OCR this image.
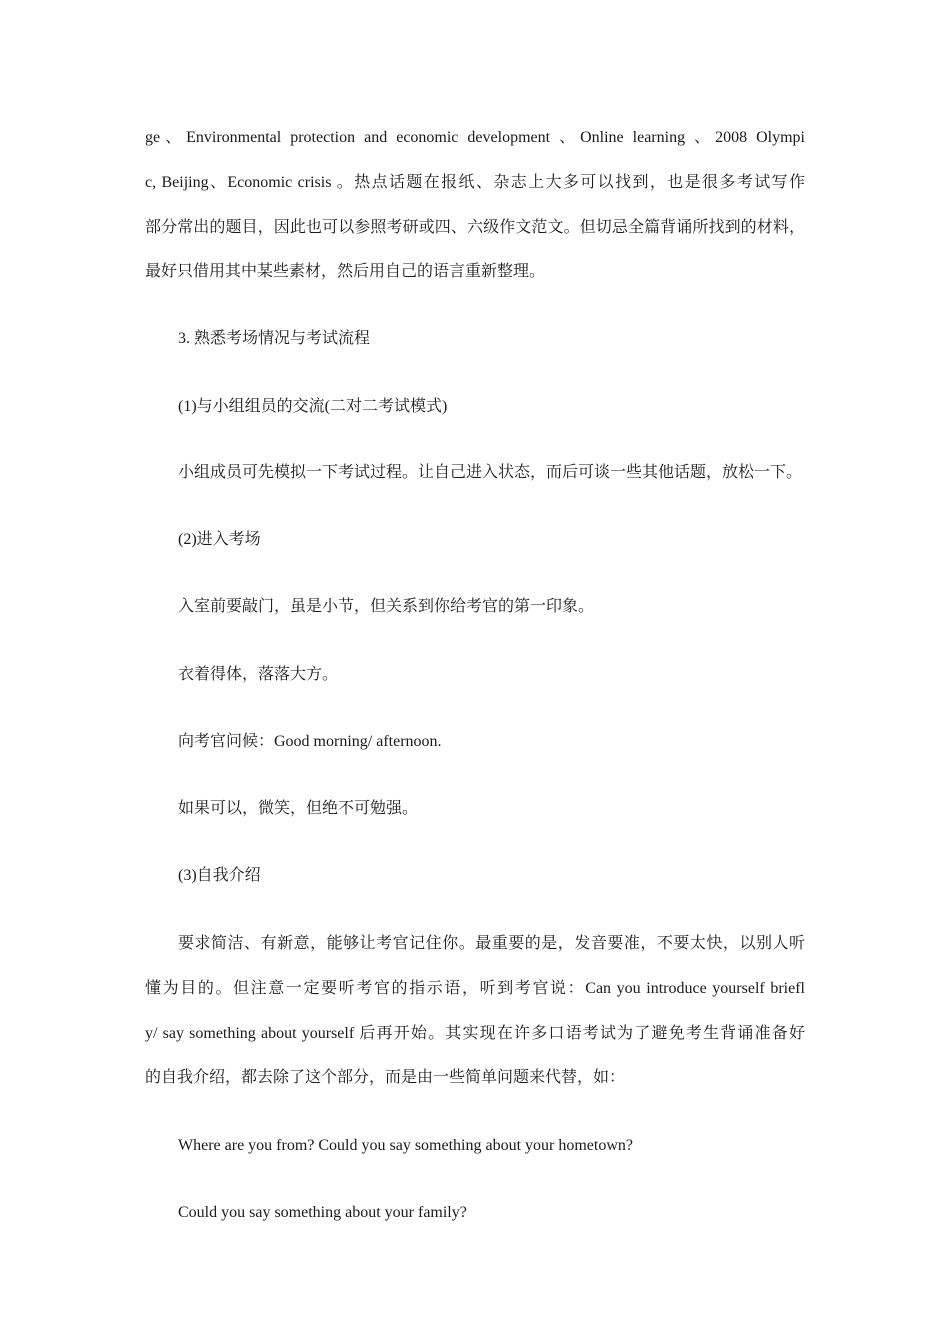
ge、Environmental protection and economic development 、Online learning 、2008 Olympi
c, Beijing、Economic crisis 。热点话题在报纸、杂志上大多可以找到，也是很多考试写作
部分常出的题目，因此也可以参照考研或四、六级作文范文。但切忌全篇背诵所找到的材料，
最好只借用其中某些素材，然后用自己的语言重新整理。
3. 熟悉考场情况与考试流程
(1)与小组组员的交流(二对二考试模式)
小组成员可先模拟一下考试过程。让自己进入状态，而后可谈一些其他话题，放松一下。
(2)进入考场
入室前要敲门，虽是小节，但关系到你给考官的第一印象。
衣着得体，落落大方。
向考官问候：Good morning/ afternoon.
如果可以，微笑，但绝不可勉强。
(3)自我介绍
要求简洁、有新意，能够让考官记住你。最重要的是，发音要准，不要太快，以别人听
懂为目的。但注意一定要听考官的指示语，听到考官说：Can you introduce yourself briefl
y/ say something about yourself 后再开始。其实现在许多口语考试为了避免考生背诵准备好
的自我介绍，都去除了这个部分，而是由一些简单问题来代替，如：
Where are you from? Could you say something about your hometown?
Could you say something about your family?
